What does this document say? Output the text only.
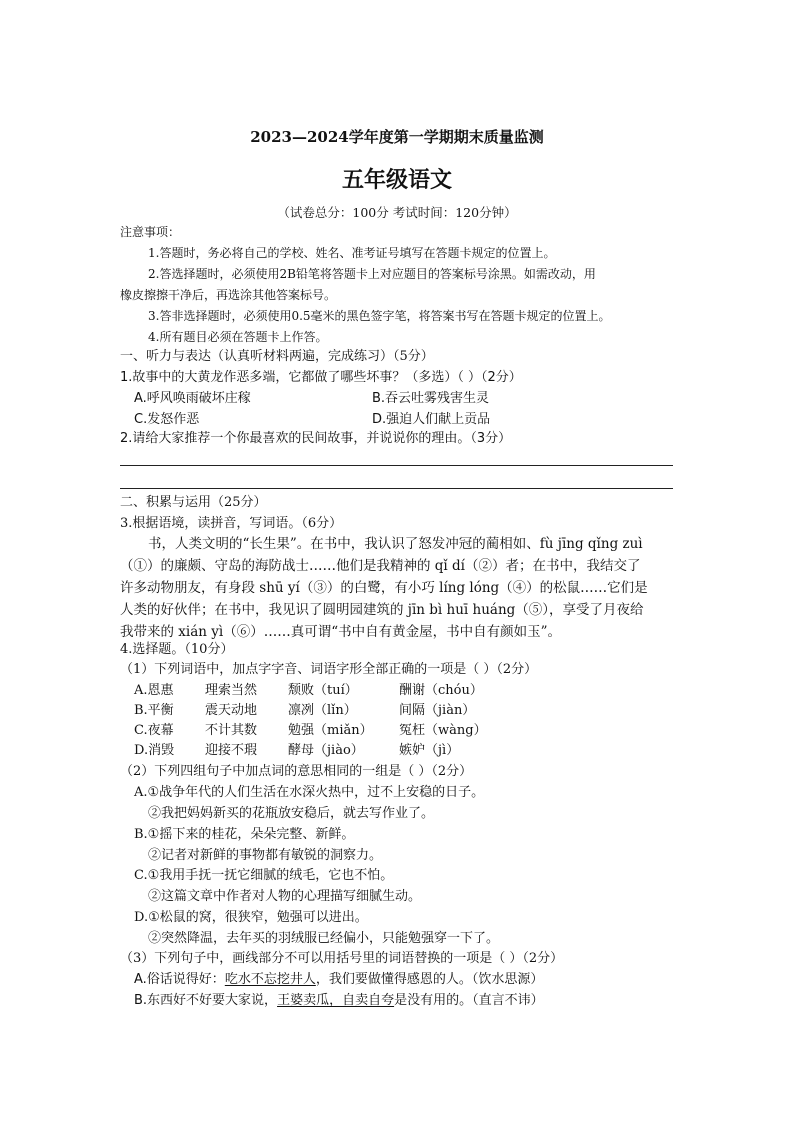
2023—2024学年度第一学期期末质量监测
五年级语文
（试卷总分：100分 考试时间：120分钟）
注意事项：
1.答题时，务必将自己的学校、姓名、准考证号填写在答题卡规定的位置上。
2.答选择题时，必须使用2B铅笔将答题卡上对应题目的答案标号涂黑。如需改动，用
橡皮擦擦干净后，再选涂其他答案标号。
3.答非选择题时，必须使用0.5毫米的黑色签字笔，将答案书写在答题卡规定的位置上。
4.所有题目必须在答题卡上作答。
一、听力与表达（认真听材料两遍，完成练习）（5分）
1.故事中的大黄龙作恶多端，它都做了哪些坏事？（多选）（ ）（2分）
A.呼风唤雨破坏庄稼	B.吞云吐雾残害生灵
C.发怒作恶	D.强迫人们献上贡品
2.请给大家推荐一个你最喜欢的民间故事，并说说你的理由。（3分）
二、积累与运用（25分）
3.根据语境，读拼音，写词语。（6分）
书，人类文明的“长生果”。在书中，我认识了怒发冲冠的蔺相如、fù jīng qǐng zuì
（①）的廉颇、守岛的海防战士……他们是我精神的 qǐ dí（②）者；在书中，我结交了
许多动物朋友，有身段 shū yí（③）的白鹭，有小巧 líng lóng（④）的松鼠……它们是
人类的好伙伴；在书中，我见识了圆明园建筑的 jīn bì huī huáng（⑤），享受了月夜给
我带来的 xián yì（⑥）……真可谓“书中自有黄金屋，书中自有颜如玉”。
4.选择题。（10分）
（1）下列词语中，加点字字音、词语字形全部正确的一项是（ ）（2分）
A.恩惠 理索当然 颓败（tuí）	酬谢（chóu）
B.平衡 震天动地 凛冽（lǐn）	间隔（jiàn）
C.夜幕 不计其数 勉强（miǎn） 冤枉（wàng）
D.消毁 迎接不瑕 酵母（jiào）	嫉妒（jì）
（2）下列四组句子中加点词的意思相同的一组是（ ）（2分）
A.①战争年代的人们生活在水深火热中，过不上安稳的日子。
②我把妈妈新买的花瓶放安稳后，就去写作业了。
B.①摇下来的桂花，朵朵完整、新鲜。
②记者对新鲜的事物都有敏锐的洞察力。
C.①我用手抚一抚它细腻的绒毛，它也不怕。
②这篇文章中作者对人物的心理描写细腻生动。
D.①松鼠的窝，很狭窄，勉强可以进出。
②突然降温，去年买的羽绒服已经偏小，只能勉强穿一下了。
（3）下列句子中，画线部分不可以用括号里的词语替换的一项是（ ）（2分）
A.俗话说得好：吃水不忘挖井人，我们要做懂得感恩的人。（饮水思源）
B.东西好不好要大家说，王婆卖瓜，自卖自夸是没有用的。（直言不讳）
